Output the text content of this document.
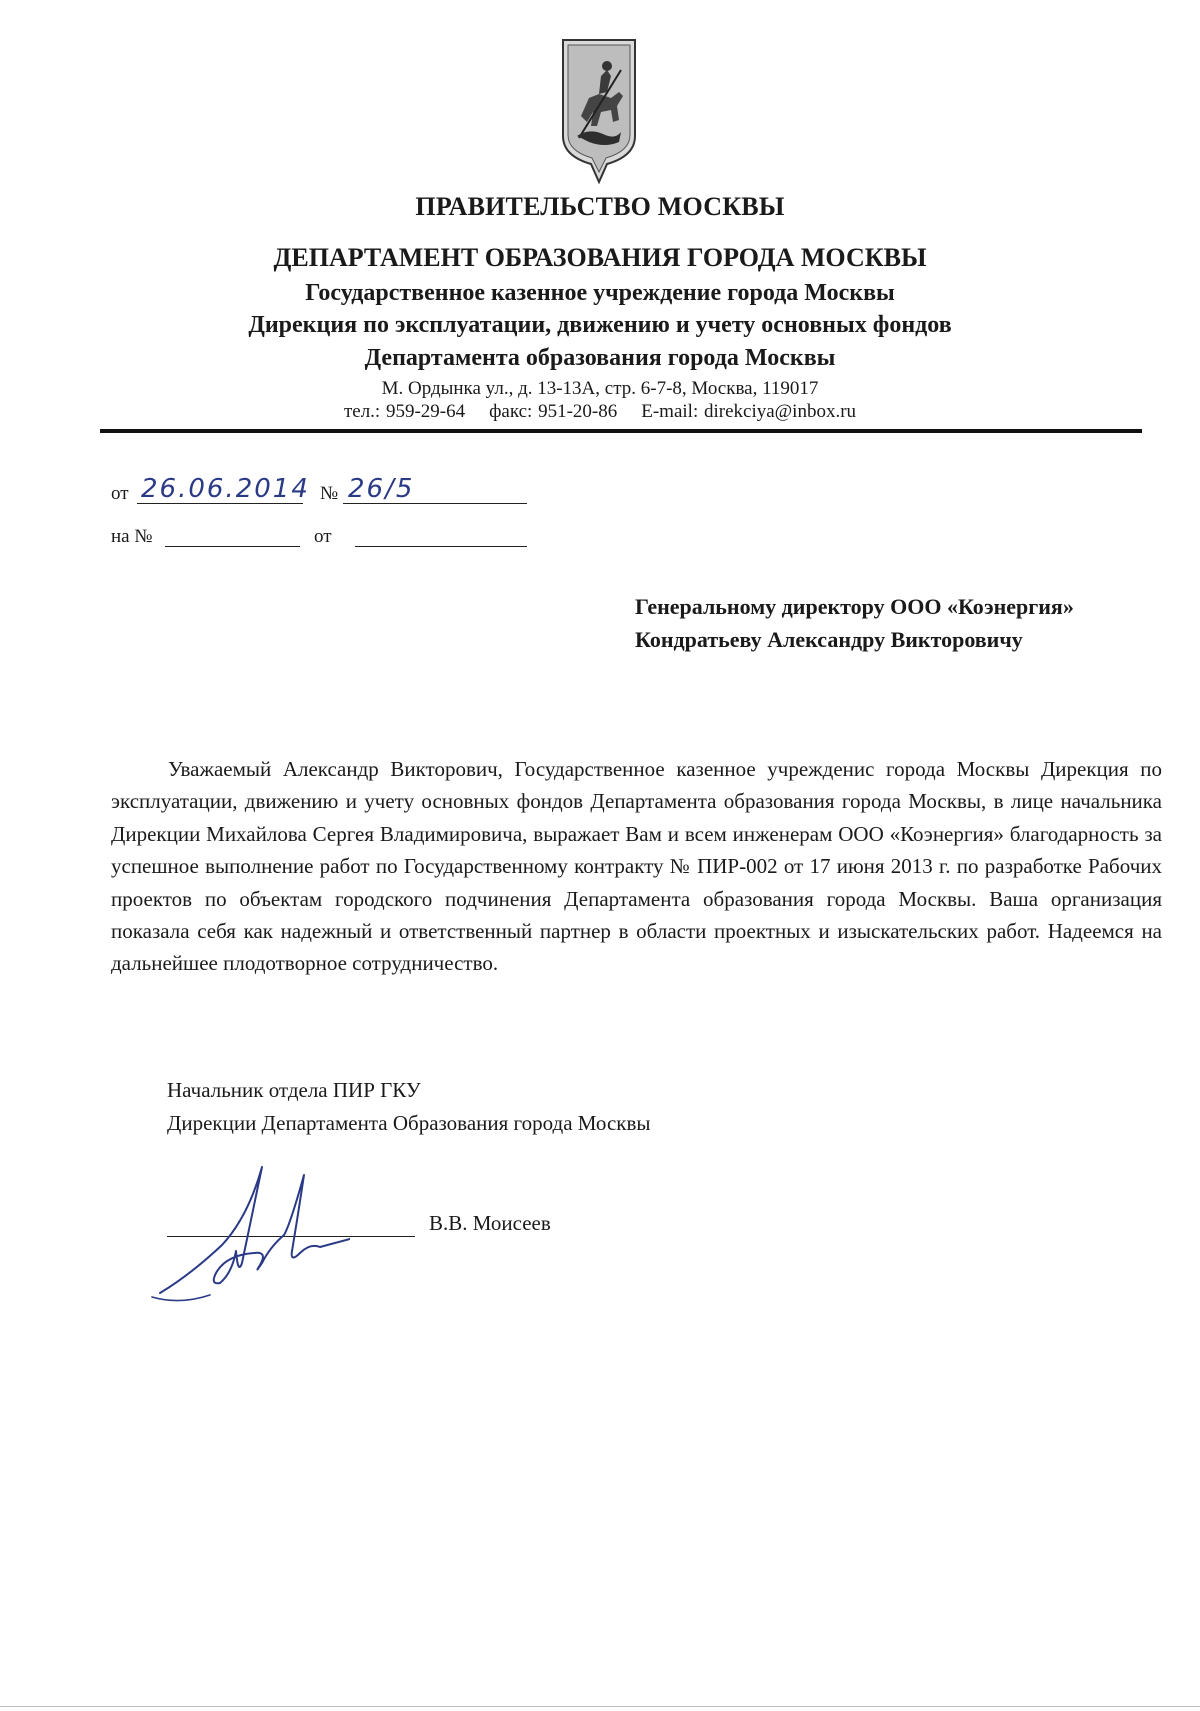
ПРАВИТЕЛЬСТВО МОСКВЫ
ДЕПАРТАМЕНТ ОБРАЗОВАНИЯ ГОРОДА МОСКВЫ
Государственное казенное учреждение города Москвы
Дирекция по эксплуатации, движению и учету основных фондов
Департамента образования города Москвы
М. Ордынка ул., д. 13-13А, стр. 6-7-8, Москва, 119017
тел.: 959-29-64 факс: 951-20-86 E-mail: direkciya@inbox.ru
от 26.06.2014 № 26/5
на №	от
Генеральному директору ООО «Коэнергия»
Кондратьеву Александру Викторовичу
Уважаемый Александр Викторович, Государственное казенное учрежденис города Москвы Дирекция по эксплуатации, движению и учету основных фондов Департамента образования города Москвы, в лице начальника Дирекции Михайлова Сергея Владимировича, выражает Вам и всем инженерам ООО «Коэнергия» благодарность за успешное выполнение работ по Государственному контракту № ПИР-002 от 17 июня 2013 г. по разработке Рабочих проектов по объектам городского подчинения Департамента образования города Москвы. Ваша организация показала себя как надежный и ответственный партнер в области проектных и изыскательских работ. Надеемся на дальнейшее плодотворное сотрудничество.
Начальник отдела ПИР ГКУ
Дирекции Департамента Образования города Москвы
В.В. Моисеев
